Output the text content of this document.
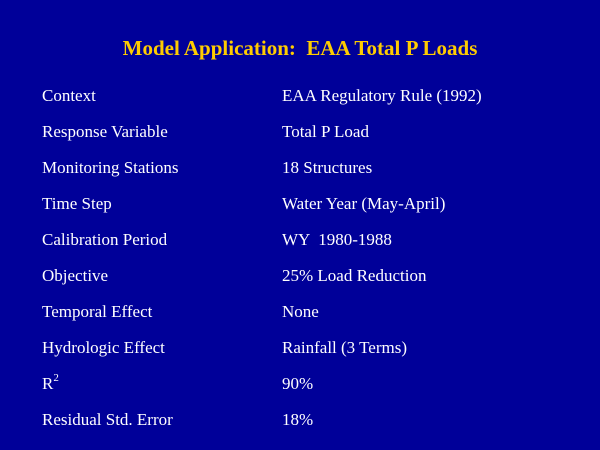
Model Application:  EAA Total P Loads
Context	EAA Regulatory Rule (1992)
Response Variable	Total P Load
Monitoring Stations	18 Structures
Time Step	Water Year (May-April)
Calibration Period	WY  1980-1988
Objective	25% Load Reduction
Temporal Effect	None
Hydrologic Effect	Rainfall (3 Terms)
$R^2$	90%
Residual Std. Error	18%
